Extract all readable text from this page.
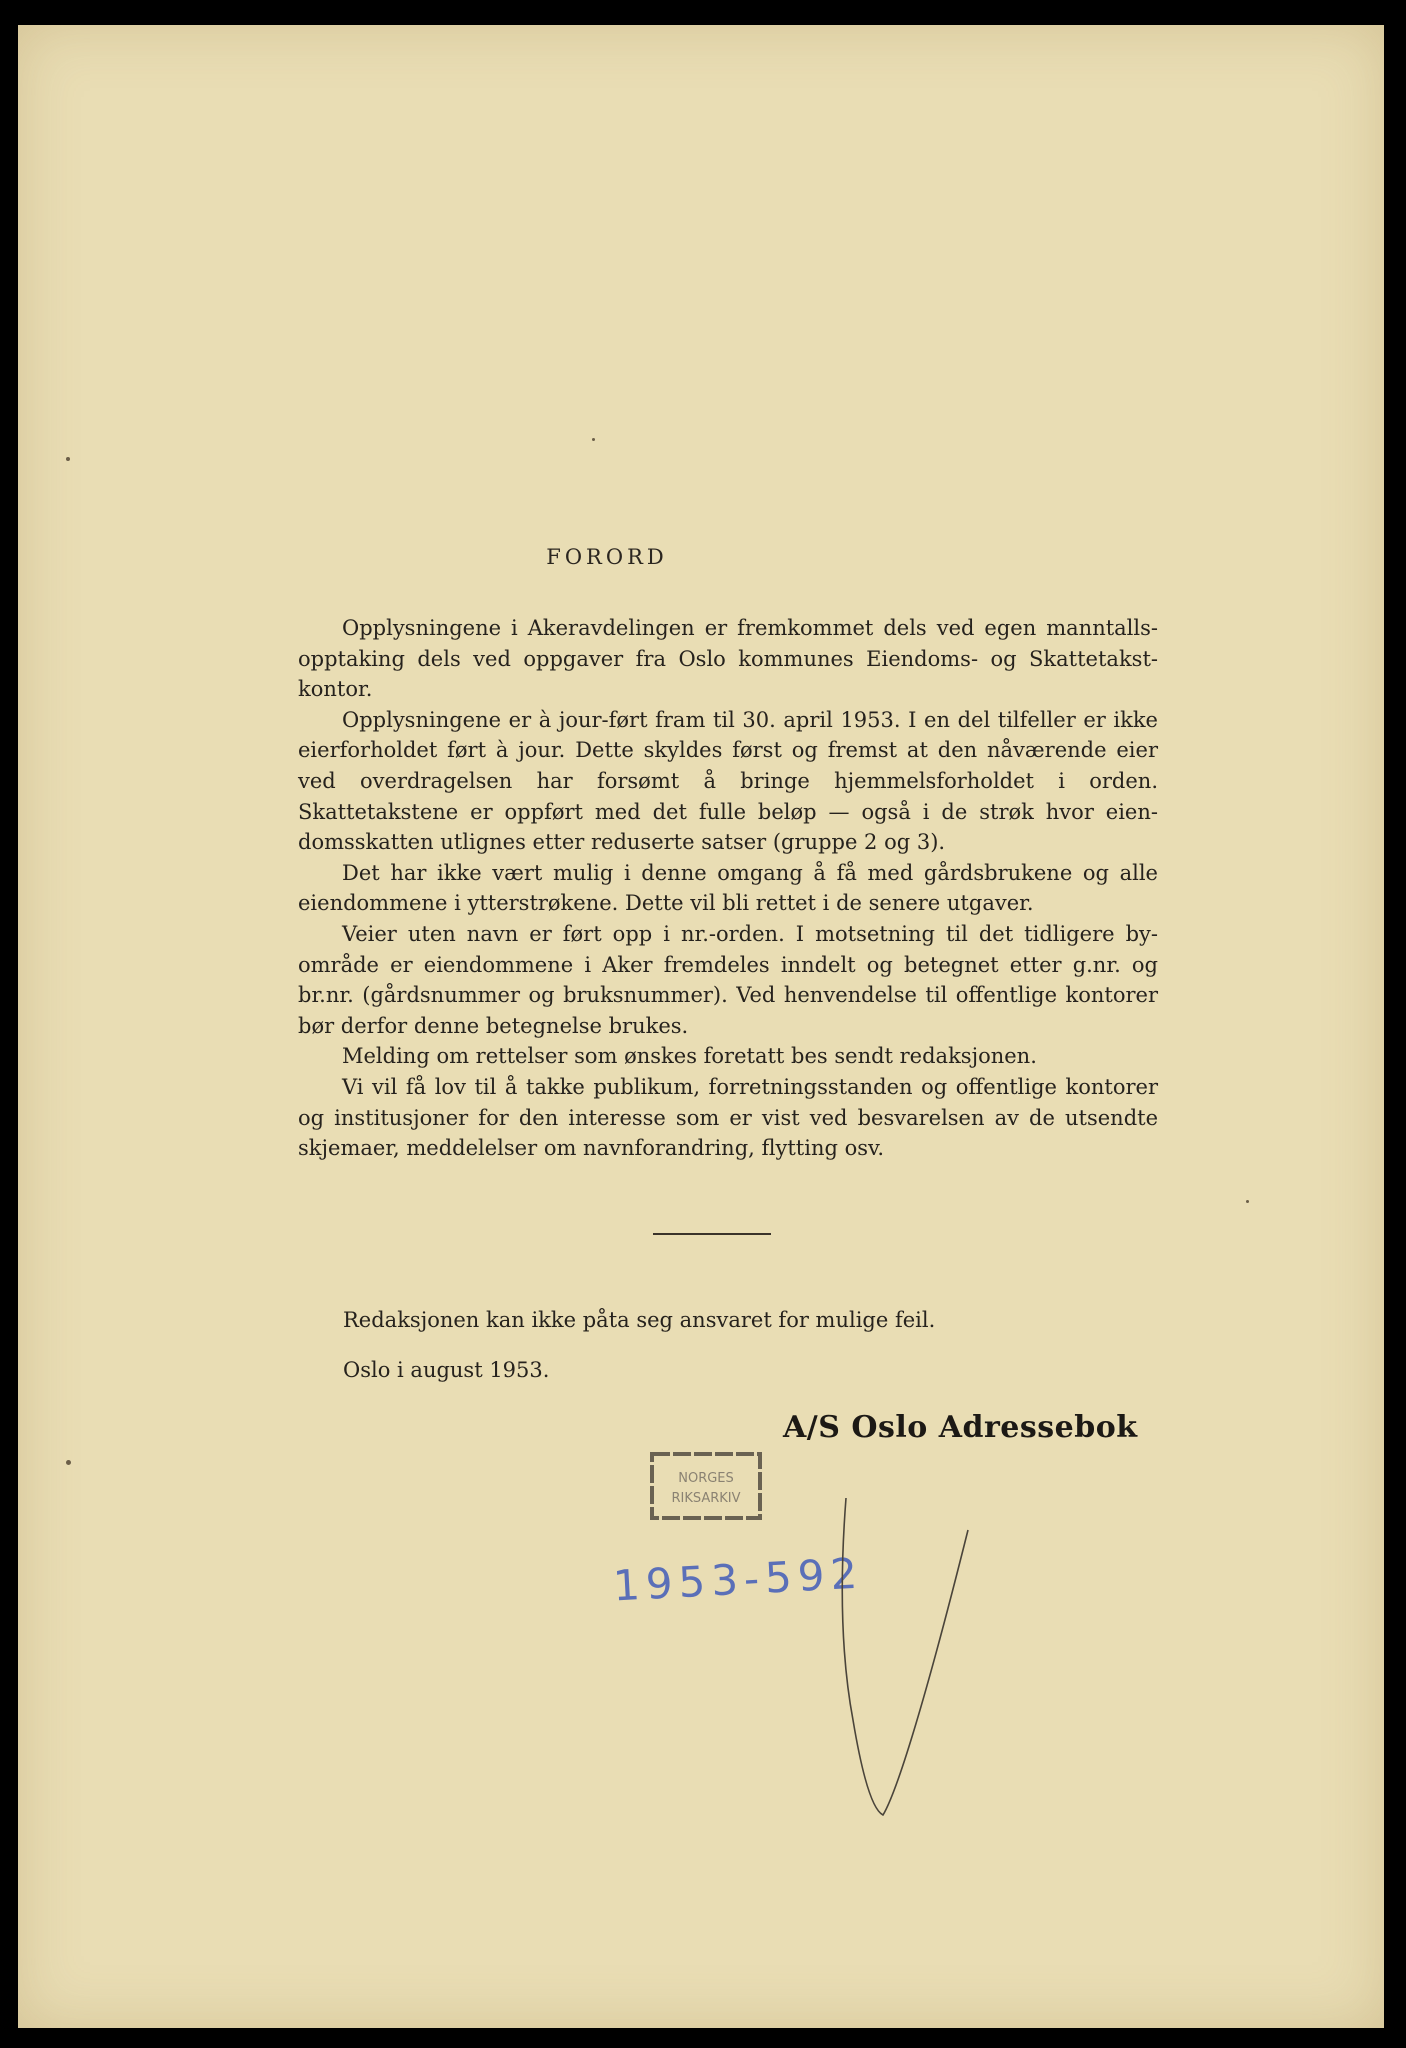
FORORD

Opplysningene i Akeravdelingen er fremkommet dels ved egen manntallsopptaking dels ved oppgaver fra Oslo kommunes Eiendoms- og Skattetakstkontor.

Opplysningene er à jour-ført fram til 30. april 1953. I en del tilfeller er ikke eierforholdet ført à jour. Dette skyldes først og fremst at den nåværende eier ved overdragelsen har forsømt å bringe hjemmelsforholdet i orden. Skattetakstene er oppført med det fulle beløp — også i de strøk hvor eiendomsskatten utlignes etter reduserte satser (gruppe 2 og 3).

Det har ikke vært mulig i denne omgang å få med gårdsbrukene og alle eiendommene i ytterstrøkene. Dette vil bli rettet i de senere utgaver.

Veier uten navn er ført opp i nr.-orden. I motsetning til det tidligere byområde er eiendommene i Aker fremdeles inndelt og betegnet etter g.nr. og br.nr. (gårdsnummer og bruksnummer). Ved henvendelse til offentlige kontorer bør derfor denne betegnelse brukes.

Melding om rettelser som ønskes foretatt bes sendt redaksjonen.

Vi vil få lov til å takke publikum, forretningsstanden og offentlige kontorer og institusjoner for den interesse som er vist ved besvarelsen av de utsendte skjemaer, meddelelser om navnforandring, flytting osv.

Redaksjonen kan ikke påta seg ansvaret for mulige feil.
Oslo i august 1953.
A/S Oslo Adressebok
NORGES
RIKSARKIV
1953-592
